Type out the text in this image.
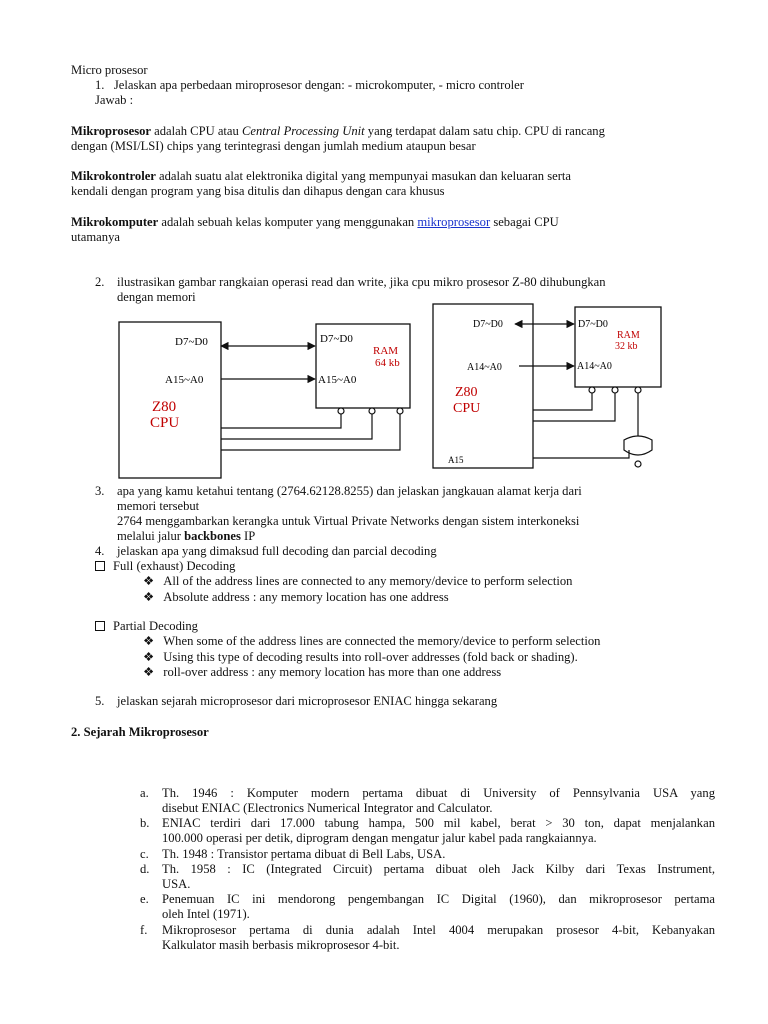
Micro prosesor
1. Jelaskan apa perbedaan miroprosesor dengan: - microkomputer, - micro controler
Jawab :
Mikroprosesor adalah CPU atau Central Processing Unit yang terdapat dalam satu chip. CPU di rancang
dengan (MSI/LSI) chips yang terintegrasi dengan jumlah medium ataupun besar
Mikrokontroler adalah suatu alat elektronika digital yang mempunyai masukan dan keluaran serta
kendali dengan program yang bisa ditulis dan dihapus dengan cara khusus
Mikrokomputer adalah sebuah kelas komputer yang menggunakan mikroprosesor sebagai CPU
utamanya
2. ilustrasikan gambar rangkaian operasi read dan write, jika cpu mikro prosesor Z-80 dihubungkan
dengan memori
D7~D0
A15~A0
Z80
CPU
D7~D0
A15~A0
RAM
64 kb
D7~D0
A14~A0
Z80
CPU
A15
D7~D0
A14~A0
RAM
32 kb
3. apa yang kamu ketahui tentang (2764.62128.8255) dan jelaskan jangkauan alamat kerja dari
memori tersebut
2764 menggambarkan kerangka untuk Virtual Private Networks dengan sistem interkoneksi
melalui jalur backbones IP
4. jelaskan apa yang dimaksud full decoding dan parcial decoding
Full (exhaust) Decoding
❖ All of the address lines are connected to any memory/device to perform selection
❖ Absolute address : any memory location has one address
Partial Decoding
❖ When some of the address lines are connected the memory/device to perform selection
❖ Using this type of decoding results into roll-over addresses (fold back or shading).
❖ roll-over address : any memory location has more than one address
5. jelaskan sejarah microprosesor dari microprosesor ENIAC hingga sekarang
2. Sejarah Mikroprosesor
a. Th. 1946 : Komputer modern pertama dibuat di University of Pennsylvania USA yang
disebut ENIAC (Electronics Numerical Integrator and Calculator.
b. ENIAC terdiri dari 17.000 tabung hampa, 500 mil kabel, berat > 30 ton, dapat menjalankan
100.000 operasi per detik, diprogram dengan mengatur jalur kabel pada rangkaiannya.
c. Th. 1948 : Transistor pertama dibuat di Bell Labs, USA.
d. Th. 1958 : IC (Integrated Circuit) pertama dibuat oleh Jack Kilby dari Texas Instrument,
USA.
e. Penemuan IC ini mendorong pengembangan IC Digital (1960), dan mikroprosesor pertama
oleh Intel (1971).
f. Mikroprosesor pertama di dunia adalah Intel 4004 merupakan prosesor 4-bit, Kebanyakan
Kalkulator masih berbasis mikroprosesor 4-bit.
